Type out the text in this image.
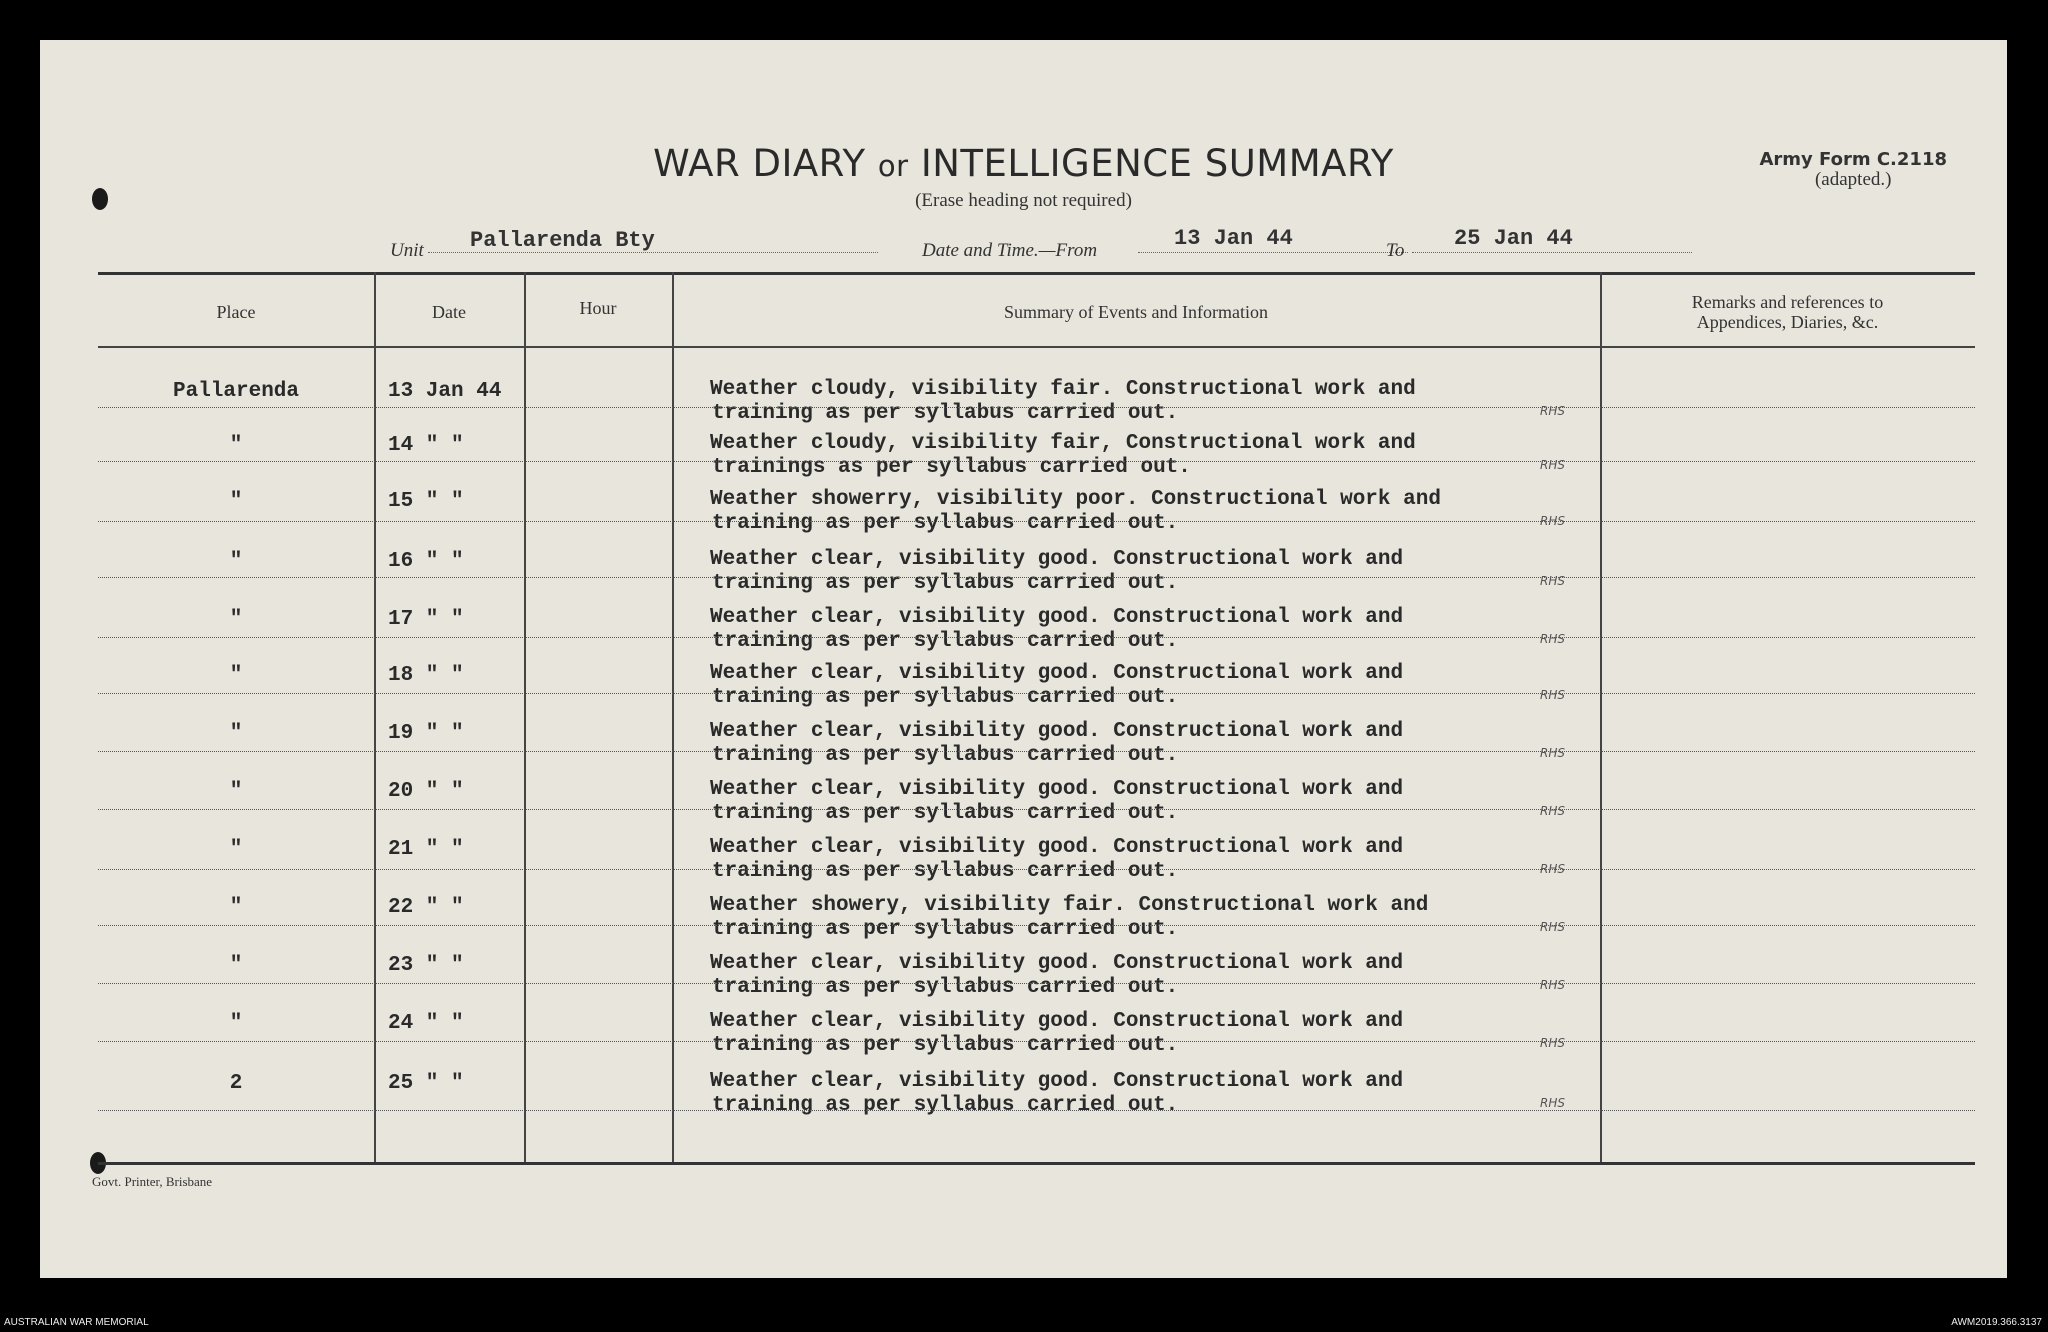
WAR DIARY or INTELLIGENCE SUMMARY
(Erase heading not required)
Army Form C.2118
(adapted.)
Unit Pallarenda Bty	Date and Time.—From	13 Jan 44	To 25 Jan 44
Place	Date	Hour	Summary of Events and Information	Remarks and references to
Appendices, Diaries, &c.
Pallarenda	13 Jan 44	Weather cloudy, visibility fair. Constructional work and
training as per syllabus carried out.	RHS
"	14 " "	Weather cloudy, visibility fair, Constructional work and
trainings as per syllabus carried out.	RHS
"	15 " "	Weather showerry, visibility poor. Constructional work and
training as per syllabus carried out.	RHS
"	16 " "	Weather clear, visibility good. Constructional work and
training as per syllabus carried out.	RHS
"	17 " "	Weather clear, visibility good. Constructional work and
training as per syllabus carried out.	RHS
"	18 " "	Weather clear, visibility good. Constructional work and
training as per syllabus carried out.	RHS
"	19 " "	Weather clear, visibility good. Constructional work and
training as per syllabus carried out.	RHS
"	20 " "	Weather clear, visibility good. Constructional work and
training as per syllabus carried out.	RHS
"	21 " "	Weather clear, visibility good. Constructional work and
training as per syllabus carried out.	RHS
"	22 " "	Weather showery, visibility fair. Constructional work and
training as per syllabus carried out.	RHS
"	23 " "	Weather clear, visibility good. Constructional work and
training as per syllabus carried out.	RHS
"	24 " "	Weather clear, visibility good. Constructional work and
training as per syllabus carried out.	RHS
2	25 " "	Weather clear, visibility good. Constructional work and
training as per syllabus carried out.	RHS
Govt. Printer, Brisbane
AUSTRALIAN WAR MEMORIAL	AWM2019.366.3137
